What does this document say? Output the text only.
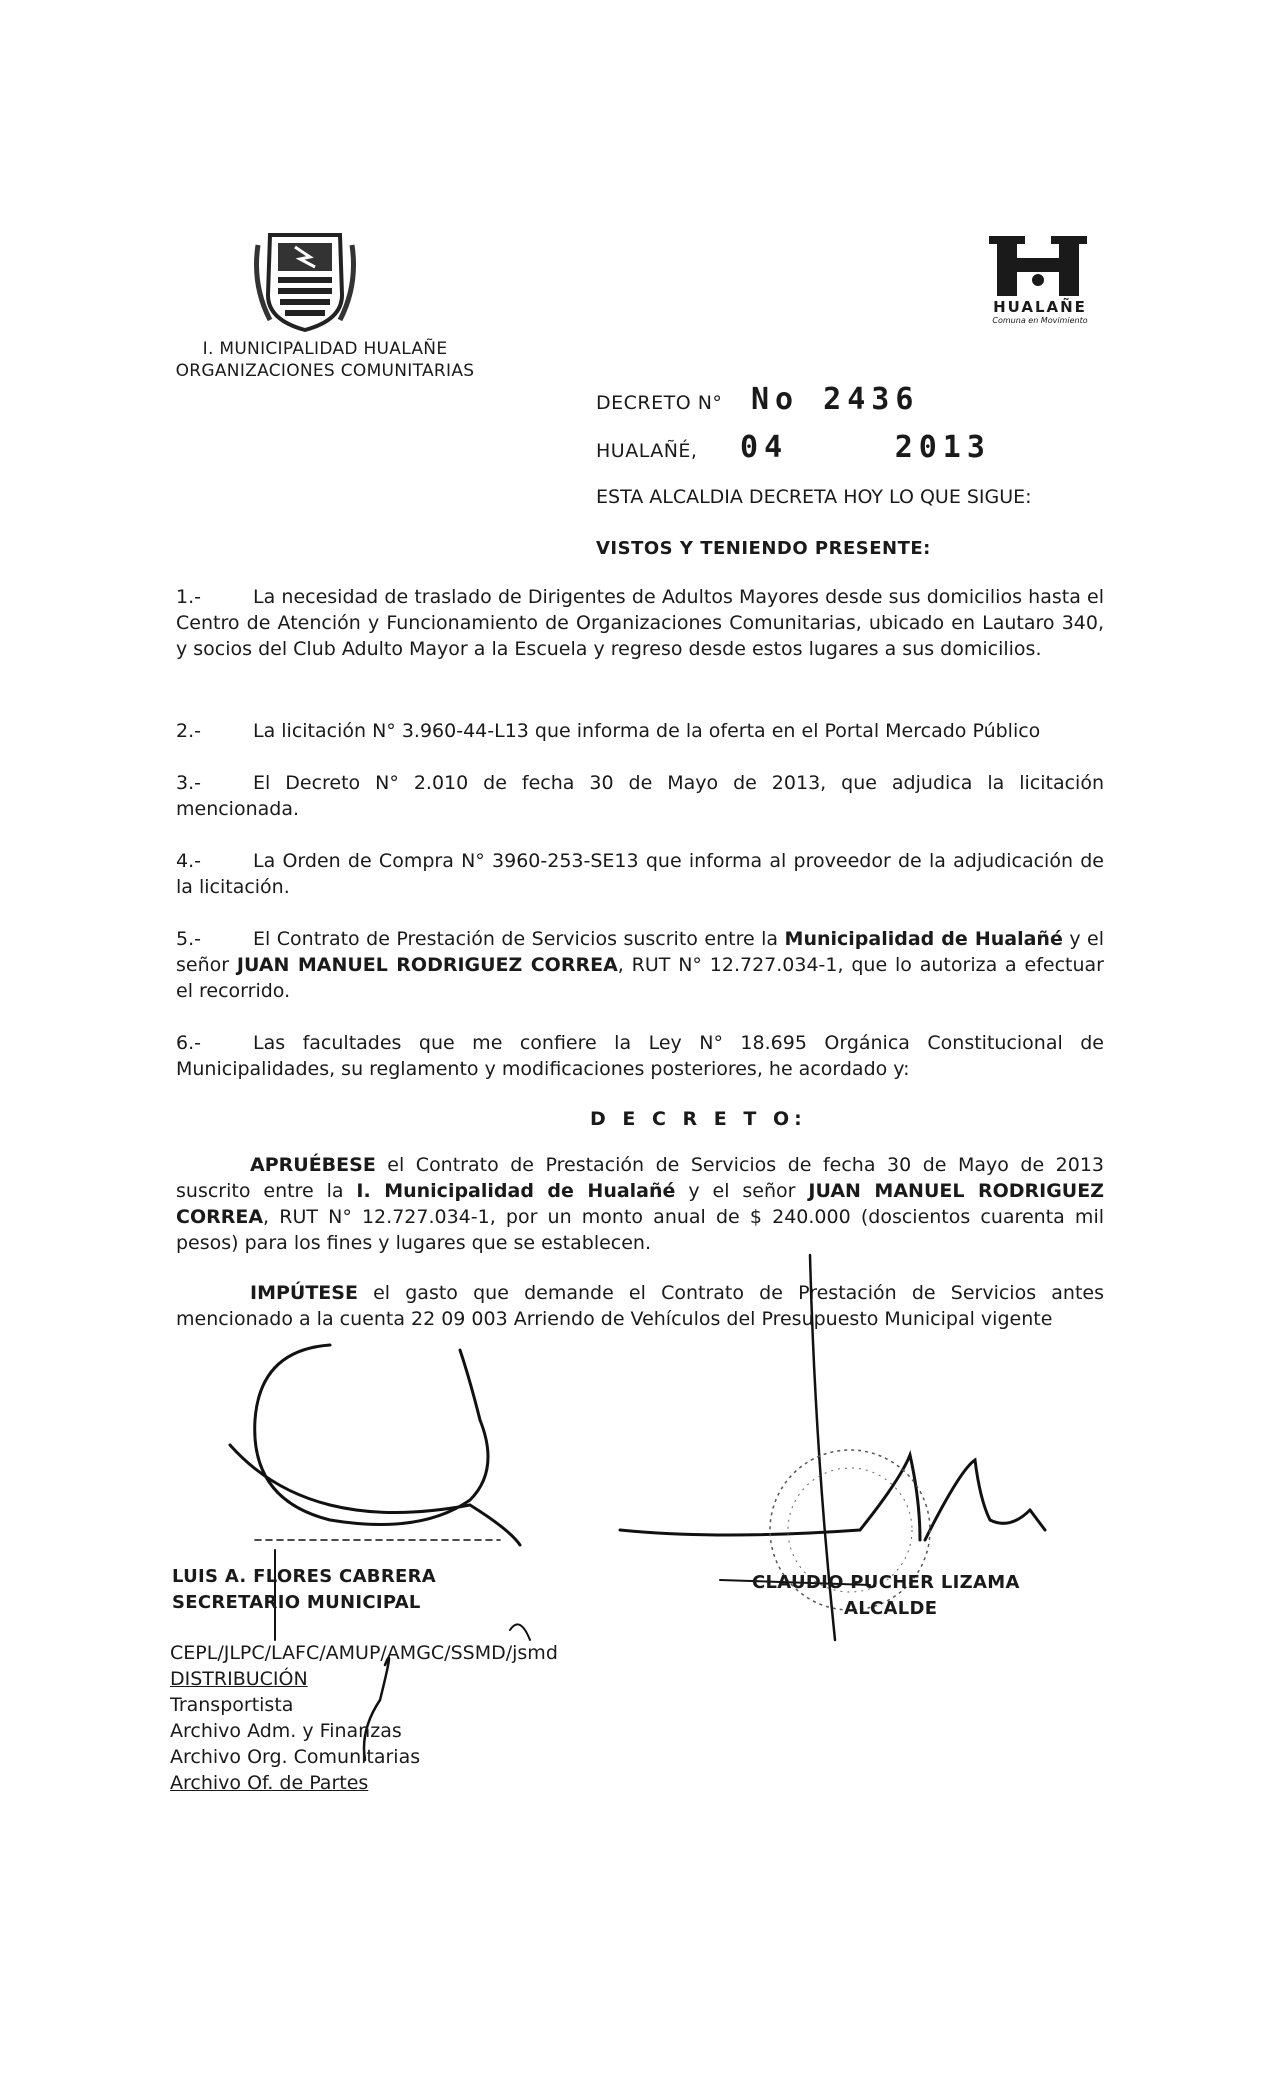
I. MUNICIPALIDAD HUALAÑE
ORGANIZACIONES COMUNITARIAS
HUALAÑE
Comuna en Movimiento
DECRETO N° No 2436
HUALAÑÉ, 04	2013
ESTA ALCALDIA DECRETA HOY LO QUE SIGUE:
VISTOS Y TENIENDO PRESENTE:
1.-	La necesidad de traslado de Dirigentes de Adultos Mayores desde sus domicilios hasta el Centro de Atención y Funcionamiento de Organizaciones Comunitarias, ubicado en Lautaro 340, y socios del Club Adulto Mayor a la Escuela y regreso desde estos lugares a sus domicilios.
2.-	La licitación N° 3.960-44-L13 que informa de la oferta en el Portal Mercado Público
3.-	El Decreto N° 2.010 de fecha 30 de Mayo de 2013, que adjudica la licitación mencionada.
4.-	La Orden de Compra N° 3960-253-SE13 que informa al proveedor de la adjudicación de la licitación.
5.-	El Contrato de Prestación de Servicios suscrito entre la Municipalidad de Hualañé y el señor JUAN MANUEL RODRIGUEZ CORREA, RUT N° 12.727.034-1, que lo autoriza a efectuar el recorrido.
6.-	Las facultades que me confiere la Ley N° 18.695 Orgánica Constitucional de Municipalidades, su reglamento y modificaciones posteriores, he acordado y:
D E C R E T O:
APRUÉBESE el Contrato de Prestación de Servicios de fecha 30 de Mayo de 2013 suscrito entre la I. Municipalidad de Hualañé y el señor JUAN MANUEL RODRIGUEZ CORREA, RUT N° 12.727.034-1, por un monto anual de $ 240.000 (doscientos cuarenta mil pesos) para los fines y lugares que se establecen.
IMPÚTESE el gasto que demande el Contrato de Prestación de Servicios antes mencionado a la cuenta 22 09 003 Arriendo de Vehículos del Presupuesto Municipal vigente
LUIS A. FLORES CABRERA
SECRETARIO MUNICIPAL
CLAUDIO PUCHER LIZAMA
ALCALDE
CEPL/JLPC/LAFC/AMUP/AMGC/SSMD/jsmd
DISTRIBUCIÓN
Transportista
Archivo Adm. y Finanzas
Archivo Org. Comunitarias
Archivo Of. de Partes
